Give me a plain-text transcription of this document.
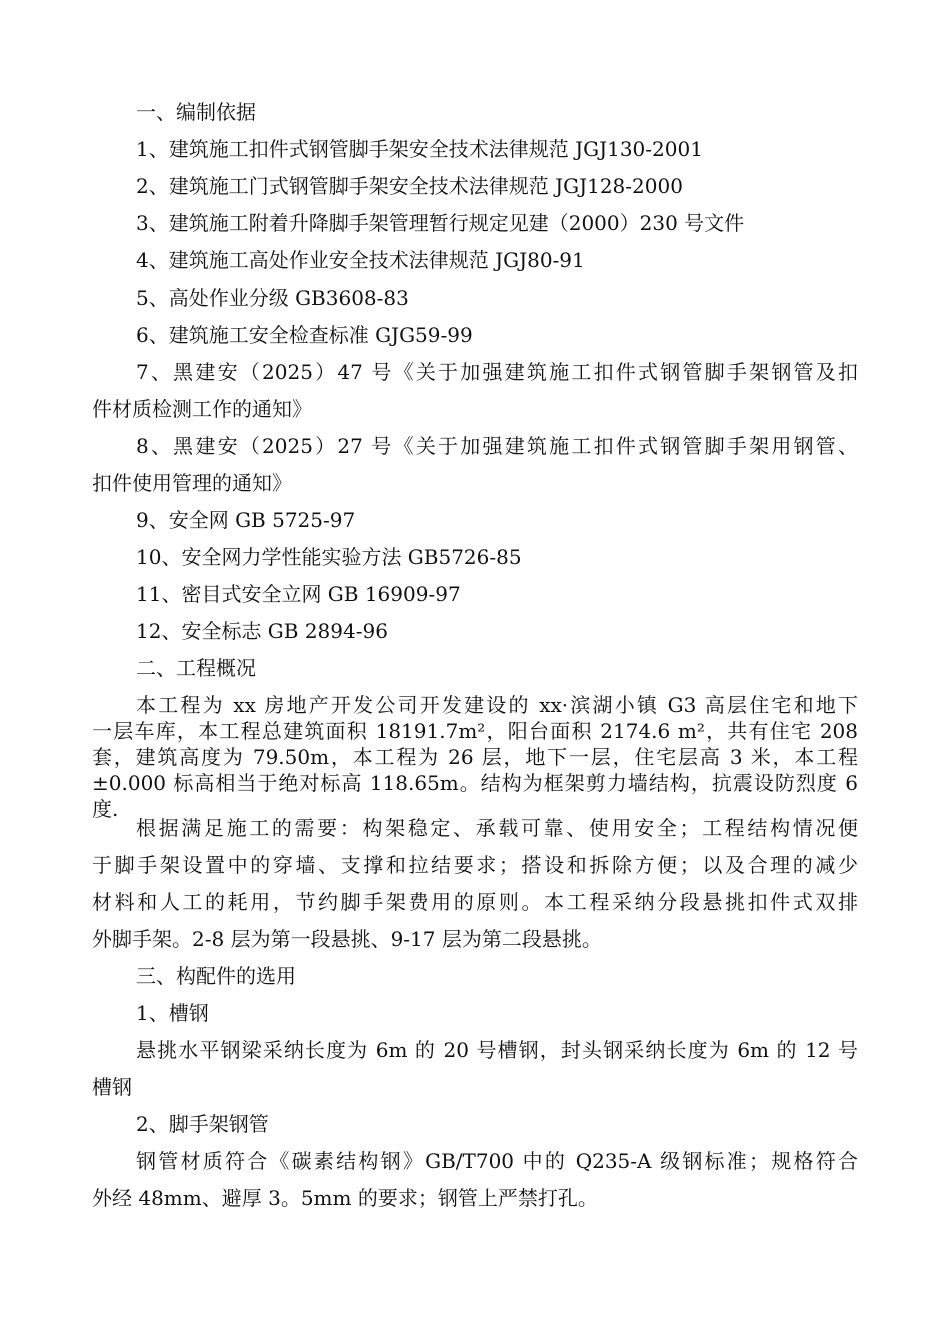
一、编制依据
1、建筑施工扣件式钢管脚手架安全技术法律规范 JGJ130-2001
2、建筑施工门式钢管脚手架安全技术法律规范 JGJ128-2000
3、建筑施工附着升降脚手架管理暂行规定见建（2000）230 号文件
4、建筑施工高处作业安全技术法律规范 JGJ80-91
5、高处作业分级 GB3608-83
6、建筑施工安全检查标准 GJG59-99
7、黑建安（2025）47 号《关于加强建筑施工扣件式钢管脚手架钢管及扣
件材质检测工作的通知》
8、黑建安（2025）27 号《关于加强建筑施工扣件式钢管脚手架用钢管、
扣件使用管理的通知》
9、安全网 GB 5725-97
10、安全网力学性能实验方法 GB5726-85
11、密目式安全立网 GB 16909-97
12、安全标志 GB 2894-96
二、工程概况
本工程为 xx 房地产开发公司开发建设的 xx·滨湖小镇 G3 高层住宅和地下
一层车库，本工程总建筑面积 18191.7m²，阳台面积 2174.6 m²，共有住宅 208
套，建筑高度为 79.50m，本工程为 26 层，地下一层，住宅层高 3 米，本工程
±0.000 标高相当于绝对标高 118.65m。结构为框架剪力墙结构，抗震设防烈度 6
度.
根据满足施工的需要：构架稳定、承载可靠、使用安全；工程结构情况便
于脚手架设置中的穿墙、支撑和拉结要求；搭设和拆除方便；以及合理的减少
材料和人工的耗用，节约脚手架费用的原则。本工程采纳分段悬挑扣件式双排
外脚手架。2-8 层为第一段悬挑、9-17 层为第二段悬挑。
三、构配件的选用
1、槽钢
悬挑水平钢梁采纳长度为 6m 的 20 号槽钢，封头钢采纳长度为 6m 的 12 号
槽钢
2、脚手架钢管
钢管材质符合《碳素结构钢》GB/T700 中的 Q235-A 级钢标准；规格符合
外经 48mm、避厚 3。5mm 的要求；钢管上严禁打孔。
